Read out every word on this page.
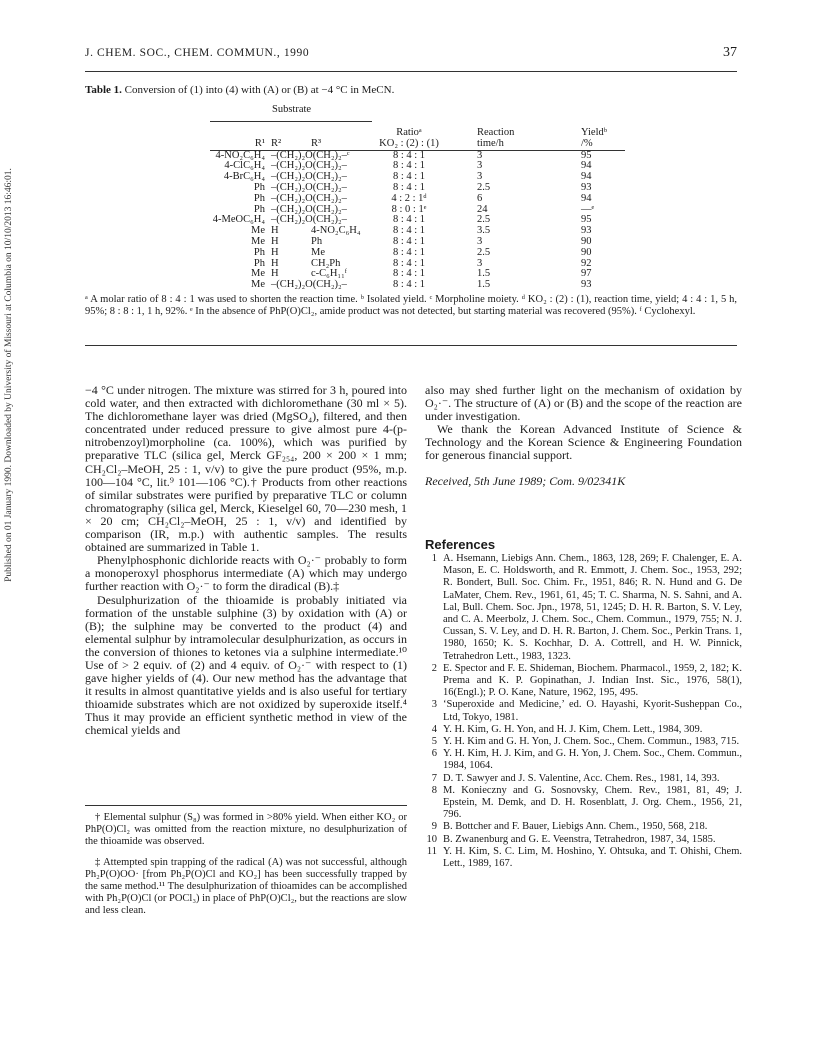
J. CHEM. SOC., CHEM. COMMUN., 1990	37
Published on 01 January 1990. Downloaded by University of Missouri at Columbia on 10/10/2013 16:46:01.
Table 1. Conversion of (1) into (4) with (A) or (B) at −4 °C in MeCN.
Substrate
			Ratioᵃ	Reaction	Yieldᵇ
R¹	R²	R³	KO₂ : (2) : (1)	time/h	/%
4-NO₂C₆H₄	–(CH₂)₂O(CH₂)₂–ᶜ		8 : 4 : 1	3	95
4-ClC₆H₄	–(CH₂)₂O(CH₂)₂–		8 : 4 : 1	3	94
4-BrC₆H₄	–(CH₂)₂O(CH₂)₂–		8 : 4 : 1	3	94
Ph	–(CH₂)₂O(CH₂)₂–		8 : 4 : 1	2.5	93
Ph	–(CH₂)₂O(CH₂)₂–		4 : 2 : 1ᵈ	6	94
Ph	–(CH₂)₂O(CH₂)₂–		8 : 0 : 1ᵉ	24	—ᵉ
4-MeOC₆H₄	–(CH₂)₂O(CH₂)₂–		8 : 4 : 1	2.5	95
Me	H	4-NO₂C₆H₄	8 : 4 : 1	3.5	93
Me	H	Ph	8 : 4 : 1	3	90
Ph	H	Me	8 : 4 : 1	2.5	90
Ph	H	CH₂Ph	8 : 4 : 1	3	92
Me	H	c-C₆H₁₁ᶠ	8 : 4 : 1	1.5	97
Me	–(CH₂)₂O(CH₂)₂–		8 : 4 : 1	1.5	93
ᵃ A molar ratio of 8 : 4 : 1 was used to shorten the reaction time. ᵇ Isolated yield. ᶜ Morpholine moiety. ᵈ KO₂ : (2) : (1), reaction time, yield; 4 : 4 : 1, 5 h, 95%; 8 : 8 : 1, 1 h, 92%. ᵉ In the absence of PhP(O)Cl₂, amide product was not detected, but starting material was recovered (95%). ᶠ Cyclohexyl.

−4 °C under nitrogen. The mixture was stirred for 3 h, poured into cold water, and then extracted with dichloromethane (30 ml × 5). The dichloromethane layer was dried (MgSO₄), filtered, and then concentrated under reduced pressure to give almost pure 4-(p-nitrobenzoyl)morpholine (ca. 100%), which was purified by preparative TLC (silica gel, Merck GF₂₅₄, 200 × 200 × 1 mm; CH₂Cl₂–MeOH, 25 : 1, v/v) to give the pure product (95%, m.p. 100—104 °C, lit.⁹ 101—106 °C).† Products from other reactions of similar substrates were purified by preparative TLC or column chromatography (silica gel, Merck, Kieselgel 60, 70—230 mesh, 1 × 20 cm; CH₂Cl₂–MeOH, 25 : 1, v/v) and identified by comparison (IR, m.p.) with authentic samples. The results obtained are summarized in Table 1.

Phenylphosphonic dichloride reacts with O₂·⁻ probably to form a monoperoxyl phosphorus intermediate (A) which may undergo further reaction with O₂·⁻ to form the diradical (B).‡

Desulphurization of the thioamide is probably initiated via formation of the unstable sulphine (3) by oxidation with (A) or (B); the sulphine may be converted to the product (4) and elemental sulphur by intramolecular desulphurization, as occurs in the conversion of thiones to ketones via a sulphine intermediate.¹⁰ Use of > 2 equiv. of (2) and 4 equiv. of O₂·⁻ with respect to (1) gave higher yields of (4). Our new method has the advantage that it results in almost quantitative yields and is also useful for tertiary thioamide substrates which are not oxidized by superoxide itself.⁴ Thus it may provide an efficient synthetic method in view of the chemical yields and

also may shed further light on the mechanism of oxidation by O₂·⁻. The structure of (A) or (B) and the scope of the reaction are under investigation.

We thank the Korean Advanced Institute of Science & Technology and the Korean Science & Engineering Foundation for generous financial support.

Received, 5th June 1989; Com. 9/02341K

References
1 A. Hsemann, Liebigs Ann. Chem., 1863, 128, 269; F. Chalenger, E. A. Mason, E. C. Holdsworth, and R. Emmott, J. Chem. Soc., 1953, 292; R. Bondert, Bull. Soc. Chim. Fr., 1951, 846; R. N. Hund and G. De LaMater, Chem. Rev., 1961, 61, 45; T. C. Sharma, N. S. Sahni, and A. Lal, Bull. Chem. Soc. Jpn., 1978, 51, 1245; D. H. R. Barton, S. V. Ley, and C. A. Meerbolz, J. Chem. Soc., Chem. Commun., 1979, 755; N. J. Cussan, S. V. Ley, and D. H. R. Barton, J. Chem. Soc., Perkin Trans. 1, 1980, 1650; K. S. Kochhar, D. A. Cottrell, and H. W. Pinnick, Tetrahedron Lett., 1983, 1323.
2 E. Spector and F. E. Shideman, Biochem. Pharmacol., 1959, 2, 182; K. Prema and K. P. Gopinathan, J. Indian Inst. Sic., 1976, 58(1), 16(Engl.); P. O. Kane, Nature, 1962, 195, 495.
3 ‘Superoxide and Medicine,’ ed. O. Hayashi, Kyorit-Susheppan Co., Ltd, Tokyo, 1981.
4 Y. H. Kim, G. H. Yon, and H. J. Kim, Chem. Lett., 1984, 309.
5 Y. H. Kim and G. H. Yon, J. Chem. Soc., Chem. Commun., 1983, 715.
6 Y. H. Kim, H. J. Kim, and G. H. Yon, J. Chem. Soc., Chem. Commun., 1984, 1064.
7 D. T. Sawyer and J. S. Valentine, Acc. Chem. Res., 1981, 14, 393.
8 M. Konieczny and G. Sosnovsky, Chem. Rev., 1981, 81, 49; J. Epstein, M. Demk, and D. H. Rosenblatt, J. Org. Chem., 1956, 21, 796.
9 B. Bottcher and F. Bauer, Liebigs Ann. Chem., 1950, 568, 218.
10 B. Zwanenburg and G. E. Veenstra, Tetrahedron, 1987, 34, 1585.
11 Y. H. Kim, S. C. Lim, M. Hoshino, Y. Ohtsuka, and T. Ohishi, Chem. Lett., 1989, 167.

† Elemental sulphur (S₈) was formed in >80% yield. When either KO₂ or PhP(O)Cl₂ was omitted from the reaction mixture, no desulphurization of the thioamide was observed.

‡ Attempted spin trapping of the radical (A) was not successful, although Ph₂P(O)OO· [from Ph₂P(O)Cl and KO₂] has been successfully trapped by the same method.¹¹ The desulphurization of thioamides can be accomplished with Ph₂P(O)Cl (or POCl₃) in place of PhP(O)Cl₂, but the reactions are slow and less clean.
